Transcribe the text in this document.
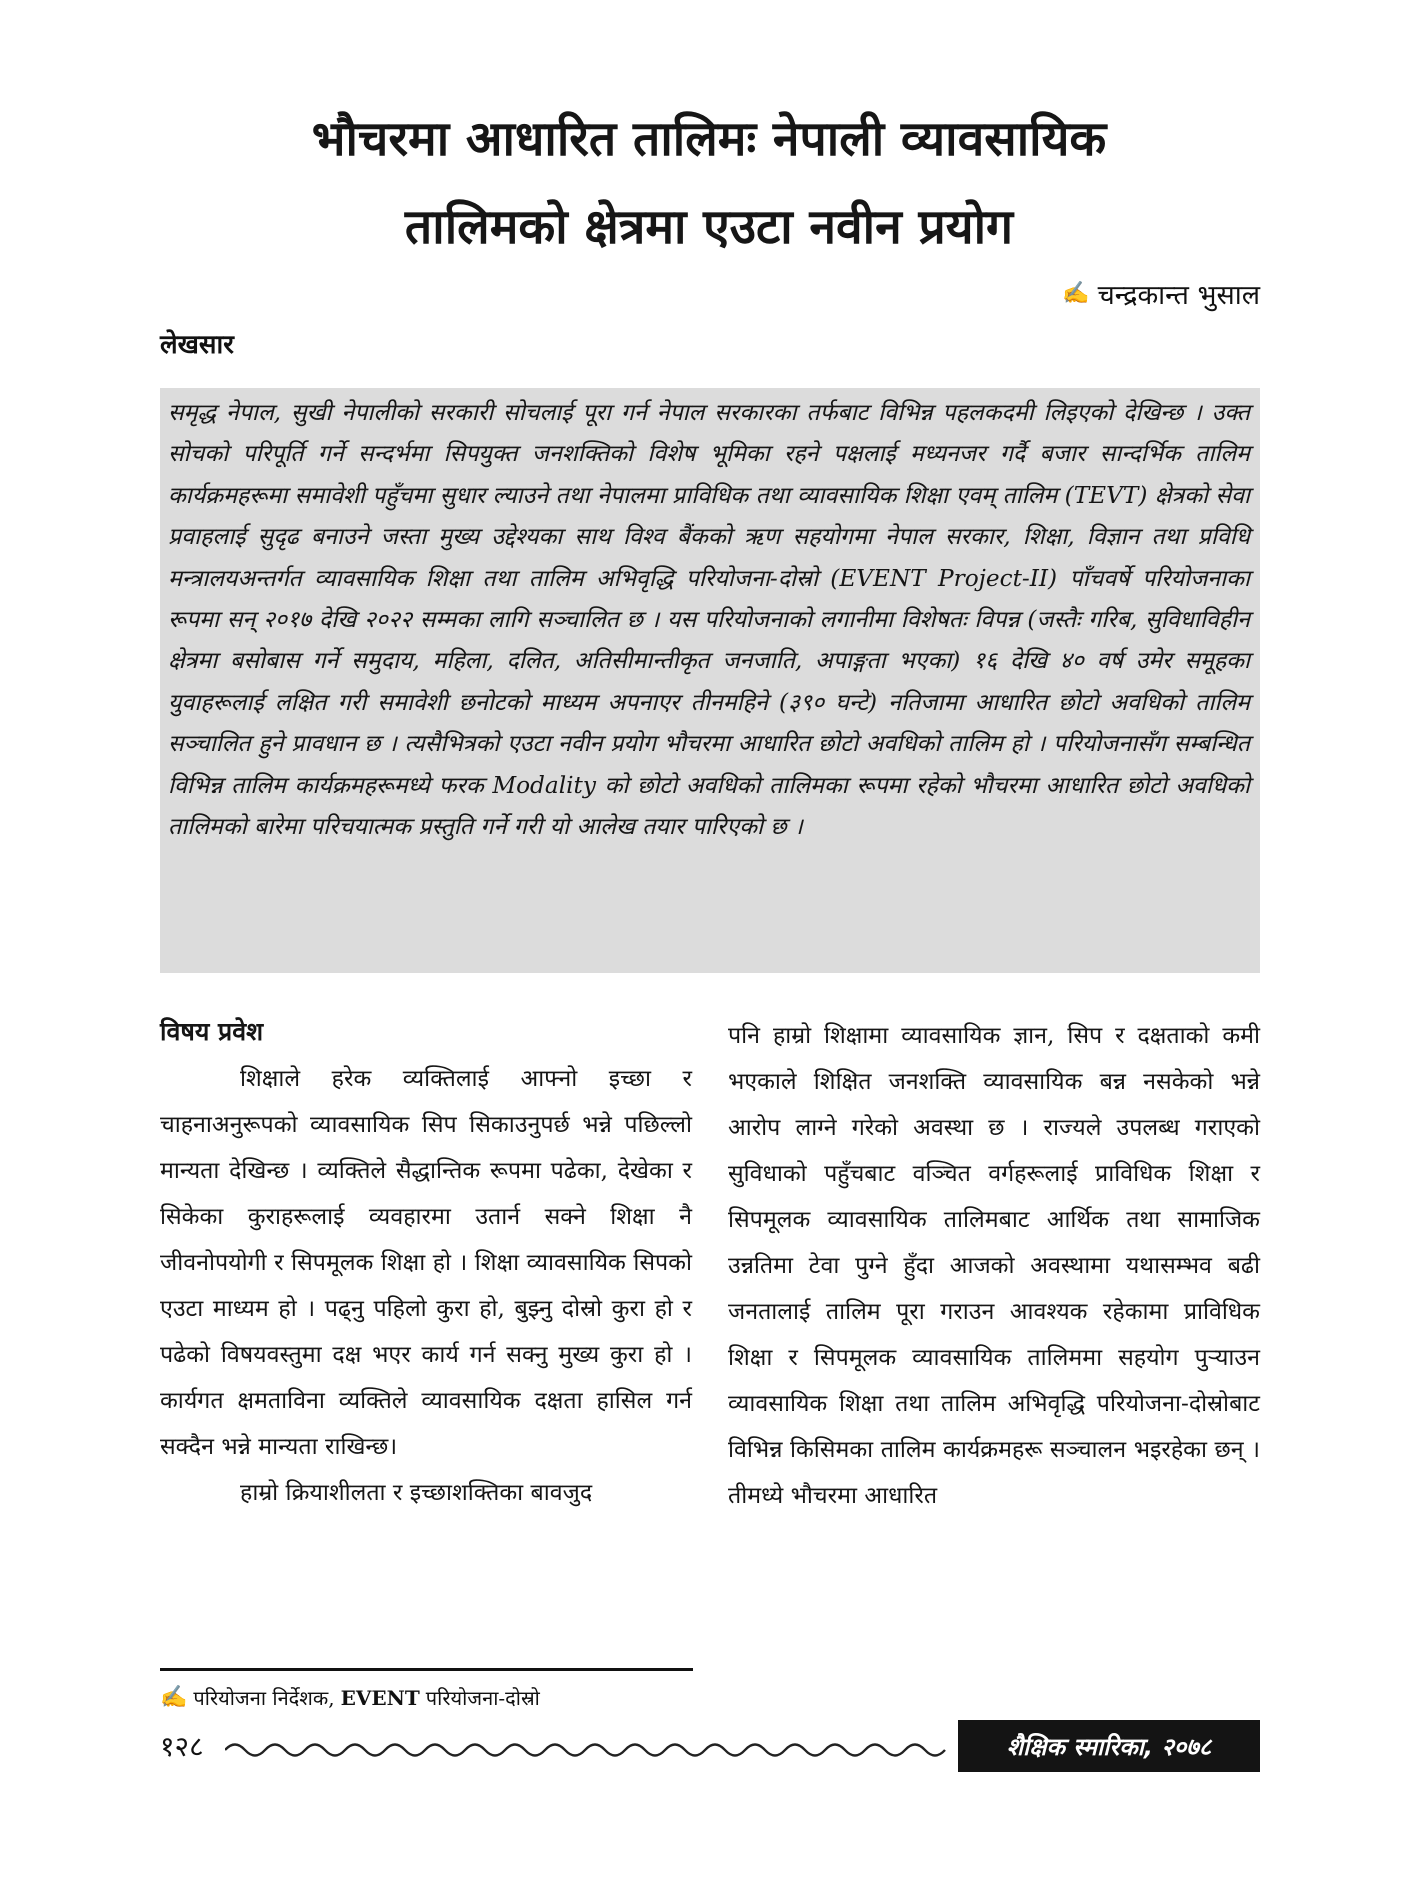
भौचरमा आधारित तालिमः नेपाली व्यावसायिक
तालिमको क्षेत्रमा एउटा नवीन प्रयोग
✍ चन्द्रकान्त भुसाल
लेखसार
समृद्ध नेपाल, सुखी नेपालीको सरकारी सोचलाई पूरा गर्न नेपाल सरकारका तर्फबाट विभिन्न पहलकदमी लिइएको देखिन्छ । उक्त सोचको परिपूर्ति गर्ने सन्दर्भमा सिपयुक्त जनशक्तिको विशेष भूमिका रहने पक्षलाई मध्यनजर गर्दै बजार सान्दर्भिक तालिम कार्यक्रमहरूमा समावेशी पहुँचमा सुधार ल्याउने तथा नेपालमा प्राविधिक तथा व्यावसायिक शिक्षा एवम् तालिम (TEVT) क्षेत्रको सेवा प्रवाहलाई सुदृढ बनाउने जस्ता मुख्य उद्देश्यका साथ विश्व बैंकको ऋण सहयोगमा नेपाल सरकार, शिक्षा, विज्ञान तथा प्रविधि मन्त्रालयअन्तर्गत व्यावसायिक शिक्षा तथा तालिम अभिवृद्धि परियोजना-दोस्रो (EVENT Project-II) पाँचवर्षे परियोजनाका रूपमा सन् २०१७ देखि २०२२ सम्मका लागि सञ्चालित छ । यस परियोजनाको लगानीमा विशेषतः विपन्न (जस्तैः गरिब, सुविधाविहीन क्षेत्रमा बसोबास गर्ने समुदाय, महिला, दलित, अतिसीमान्तीकृत जनजाति, अपाङ्गता भएका) १६ देखि ४० वर्ष उमेर समूहका युवाहरूलाई लक्षित गरी समावेशी छनोटको माध्यम अपनाएर तीनमहिने (३९० घन्टे) नतिजामा आधारित छोटो अवधिको तालिम सञ्चालित हुने प्रावधान छ । त्यसैभित्रको एउटा नवीन प्रयोग भौचरमा आधारित छोटो अवधिको तालिम हो । परियोजनासँग सम्बन्धित विभिन्न तालिम कार्यक्रमहरूमध्ये फरक Modality को छोटो अवधिको तालिमका रूपमा रहेको भौचरमा आधारित छोटो अवधिको तालिमको बारेमा परिचयात्मक प्रस्तुति गर्ने गरी यो आलेख तयार पारिएको छ ।
विषय प्रवेश

शिक्षाले हरेक व्यक्तिलाई आफ्नो इच्छा र चाहनाअनुरूपको व्यावसायिक सिप सिकाउनुपर्छ भन्ने पछिल्लो मान्यता देखिन्छ । व्यक्तिले सैद्धान्तिक रूपमा पढेका, देखेका र सिकेका कुराहरूलाई व्यवहारमा उतार्न सक्ने शिक्षा नै जीवनोपयोगी र सिपमूलक शिक्षा हो । शिक्षा व्यावसायिक सिपको एउटा माध्यम हो । पढ्नु पहिलो कुरा हो, बुझ्नु दोस्रो कुरा हो र पढेको विषयवस्तुमा दक्ष भएर कार्य गर्न सक्नु मुख्य कुरा हो । कार्यगत क्षमताविना व्यक्तिले व्यावसायिक दक्षता हासिल गर्न सक्दैन भन्ने मान्यता राखिन्छ।

हाम्रो क्रियाशीलता र इच्छाशक्तिका बावजुद

पनि हाम्रो शिक्षामा व्यावसायिक ज्ञान, सिप र दक्षताको कमी भएकाले शिक्षित जनशक्ति व्यावसायिक बन्न नसकेको भन्ने आरोप लाग्ने गरेको अवस्था छ । राज्यले उपलब्ध गराएको सुविधाको पहुँचबाट वञ्चित वर्गहरूलाई प्राविधिक शिक्षा र सिपमूलक व्यावसायिक तालिमबाट आर्थिक तथा सामाजिक उन्नतिमा टेवा पुग्ने हुँदा आजको अवस्थामा यथासम्भव बढी जनतालाई तालिम पूरा गराउन आवश्यक रहेकामा प्राविधिक शिक्षा र सिपमूलक व्यावसायिक तालिममा सहयोग पुर्‍याउन व्यावसायिक शिक्षा तथा तालिम अभिवृद्धि परियोजना-दोस्रोबाट विभिन्न किसिमका तालिम कार्यक्रमहरू सञ्चालन भइरहेका छन् । तीमध्ये भौचरमा आधारित

✍ परियोजना निर्देशक, EVENT परियोजना-दोस्रो
१२८	शैक्षिक स्मारिका, २०७८
